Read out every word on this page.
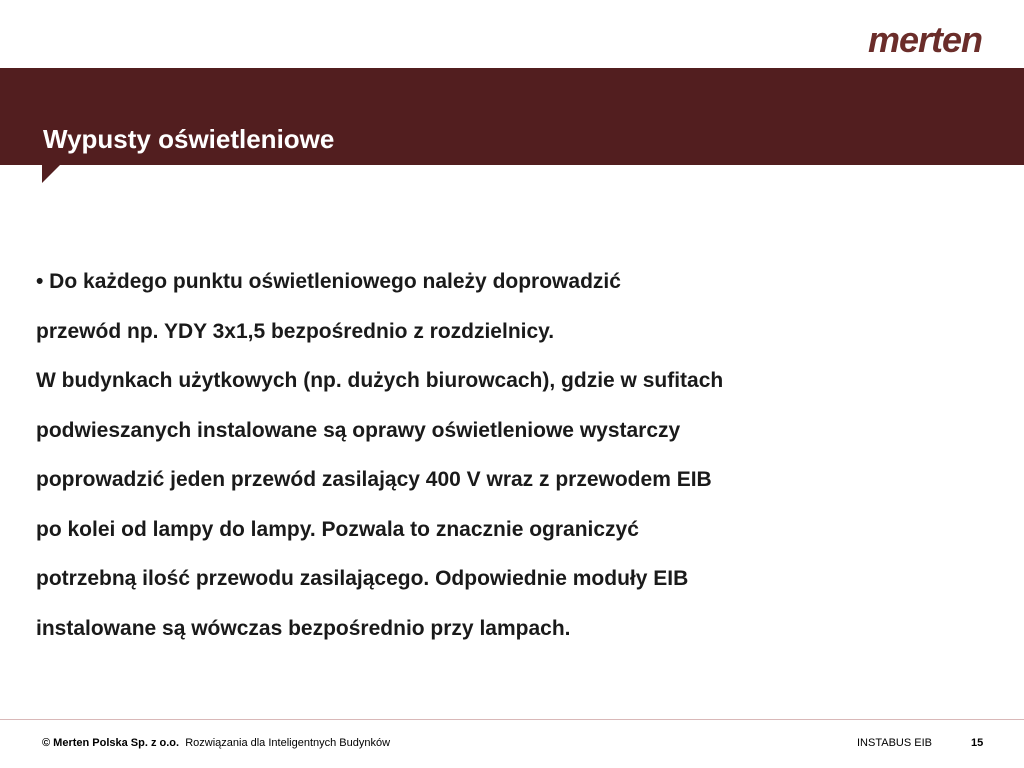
merten
Wypusty oświetleniowe
• Do każdego punktu oświetleniowego należy doprowadzić
przewód np. YDY 3x1,5 bezpośrednio z rozdzielnicy.
W budynkach użytkowych (np. dużych biurowcach), gdzie w sufitach
podwieszanych instalowane są oprawy oświetleniowe wystarczy
poprowadzić jeden przewód zasilający 400 V wraz z przewodem EIB
po kolei od lampy do lampy. Pozwala to znacznie ograniczyć
potrzebną ilość przewodu zasilającego. Odpowiednie moduły EIB
instalowane są wówczas bezpośrednio przy lampach.
© Merten Polska Sp. z o.o. Rozwiązania dla Inteligentnych Budynków	INSTABUS EIB	15
